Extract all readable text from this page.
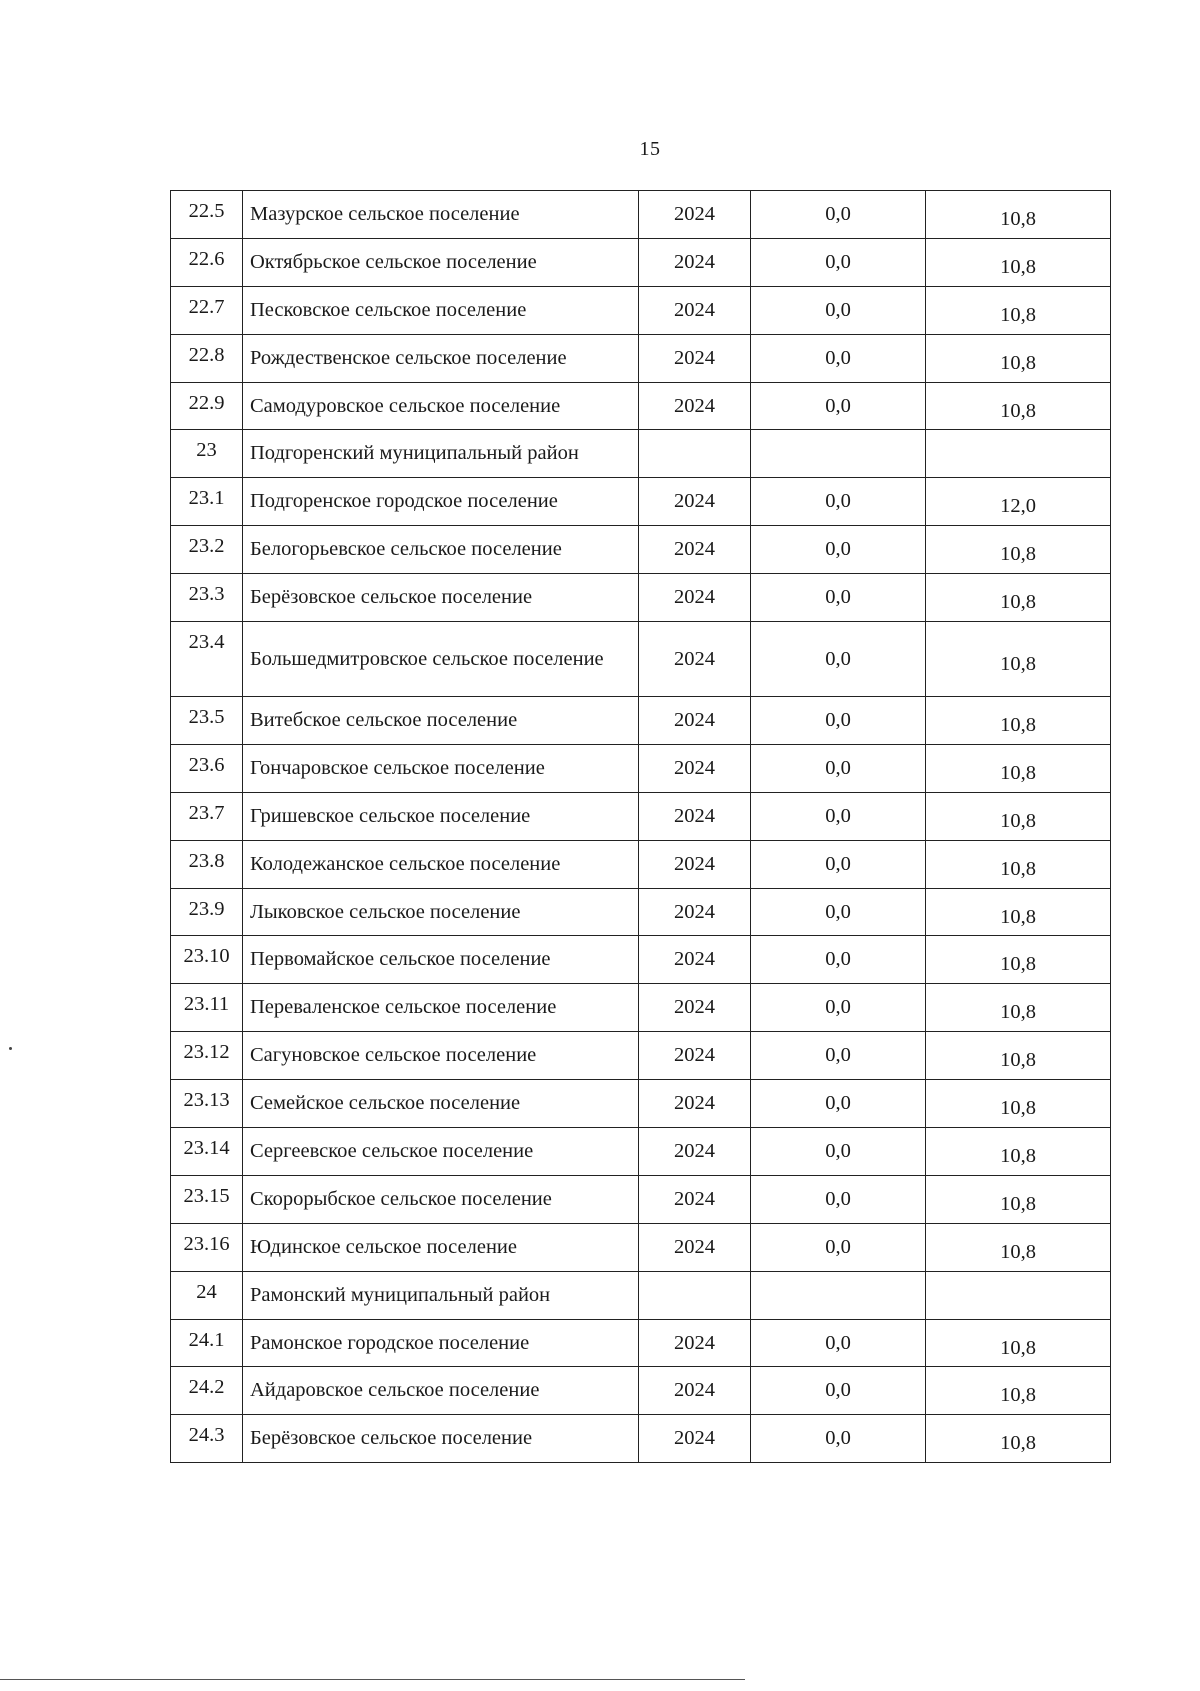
15
22.5	Мазурское сельское поселение	2024	0,0	10,8
22.6	Октябрьское сельское поселение	2024	0,0	10,8
22.7	Песковское сельское поселение	2024	0,0	10,8
22.8	Рождественское сельское поселение	2024	0,0	10,8
22.9	Самодуровское сельское поселение	2024	0,0	10,8
23	Подгоренский муниципальный район			
23.1	Подгоренское городское поселение	2024	0,0	12,0
23.2	Белогорьевское сельское поселение	2024	0,0	10,8
23.3	Берёзовское сельское поселение	2024	0,0	10,8
23.4	Большедмитровское сельское поселение	2024	0,0	10,8
23.5	Витебское сельское поселение	2024	0,0	10,8
23.6	Гончаровское сельское поселение	2024	0,0	10,8
23.7	Гришевское сельское поселение	2024	0,0	10,8
23.8	Колодежанское сельское поселение	2024	0,0	10,8
23.9	Лыковское сельское поселение	2024	0,0	10,8
23.10	Первомайское сельское поселение	2024	0,0	10,8
23.11	Переваленское сельское поселение	2024	0,0	10,8
23.12	Сагуновское сельское поселение	2024	0,0	10,8
23.13	Семейское сельское поселение	2024	0,0	10,8
23.14	Сергеевское сельское поселение	2024	0,0	10,8
23.15	Скорорыбское сельское поселение	2024	0,0	10,8
23.16	Юдинское сельское поселение	2024	0,0	10,8
24	Рамонский муниципальный район			
24.1	Рамонское городское поселение	2024	0,0	10,8
24.2	Айдаровское сельское поселение	2024	0,0	10,8
24.3	Берёзовское сельское поселение	2024	0,0	10,8
